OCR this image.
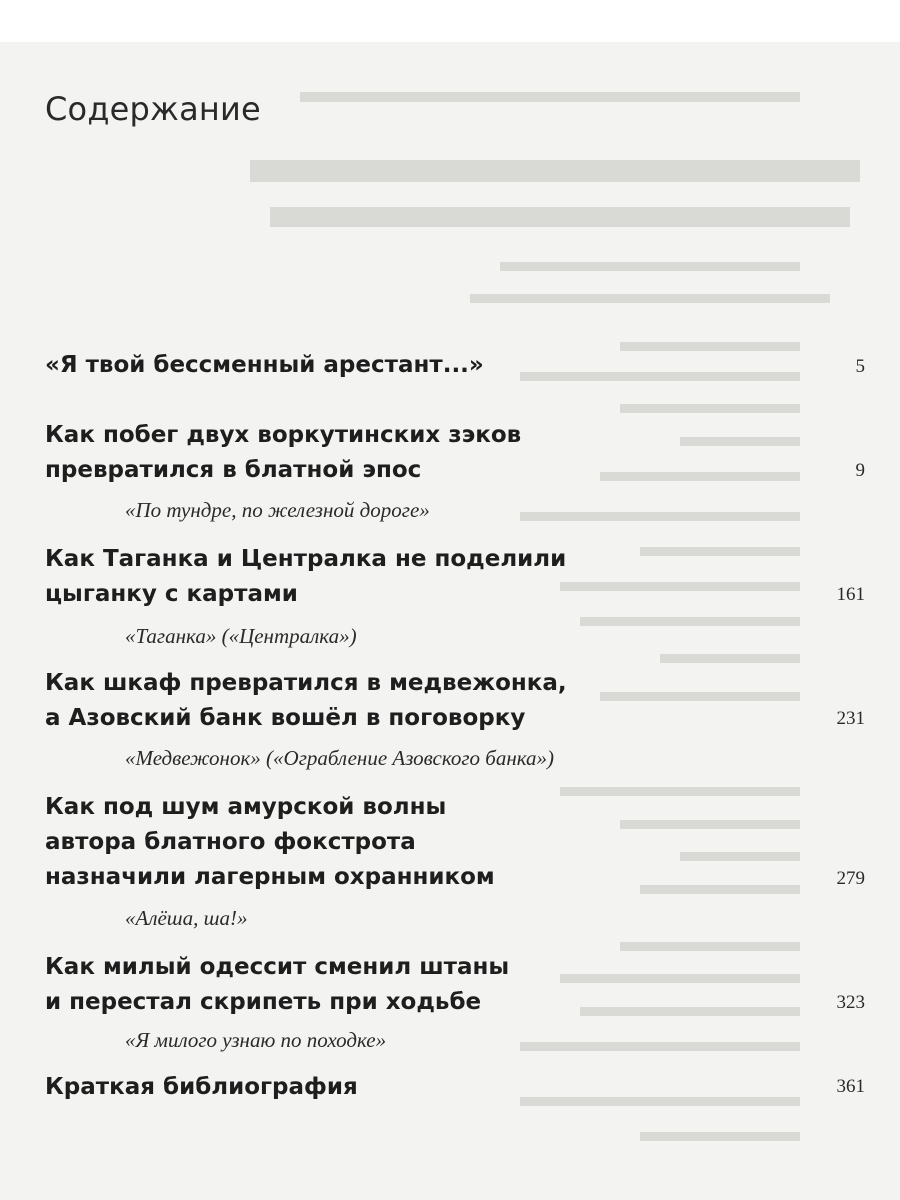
Содержание
«Я твой бессменный арестант...»	5
Как побег двух воркутинских зэков
превратился в блатной эпос	9
«По тундре, по железной дороге»
Как Таганка и Централка не поделили
цыганку с картами	161
«Таганка» («Централка»)
Как шкаф превратился в медвежонка,
а Азовский банк вошёл в поговорку	231
«Медвежонок» («Ограбление Азовского банка»)
Как под шум амурской волны
автора блатного фокстрота
назначили лагерным охранником	279
«Алёша, ша!»
Как милый одессит сменил штаны
и перестал скрипеть при ходьбе	323
«Я милого узнаю по походке»
Краткая библиография	361
